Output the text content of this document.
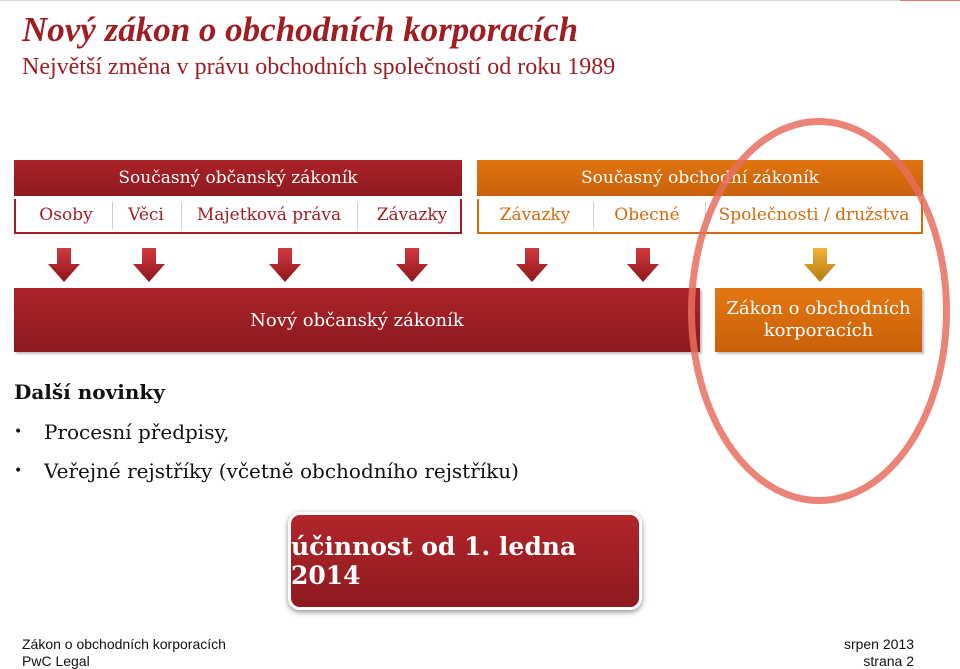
Nový zákon o obchodních korporacích
Největší změna v právu obchodních společností od roku 1989
Současný občanský zákoník
Osoby	Věci	Majetková práva	Závazky
Současný obchodní zákoník
Závazky	Obecné	Společnosti / družstva
Nový občanský zákoník
Zákon o obchodních
korporacích
Další novinky
• Procesní předpisy,
• Veřejné rejstříky (včetně obchodního rejstříku)
účinnost od 1. ledna 2014
Zákon o obchodních korporacích
PwC Legal
srpen 2013
strana 2
